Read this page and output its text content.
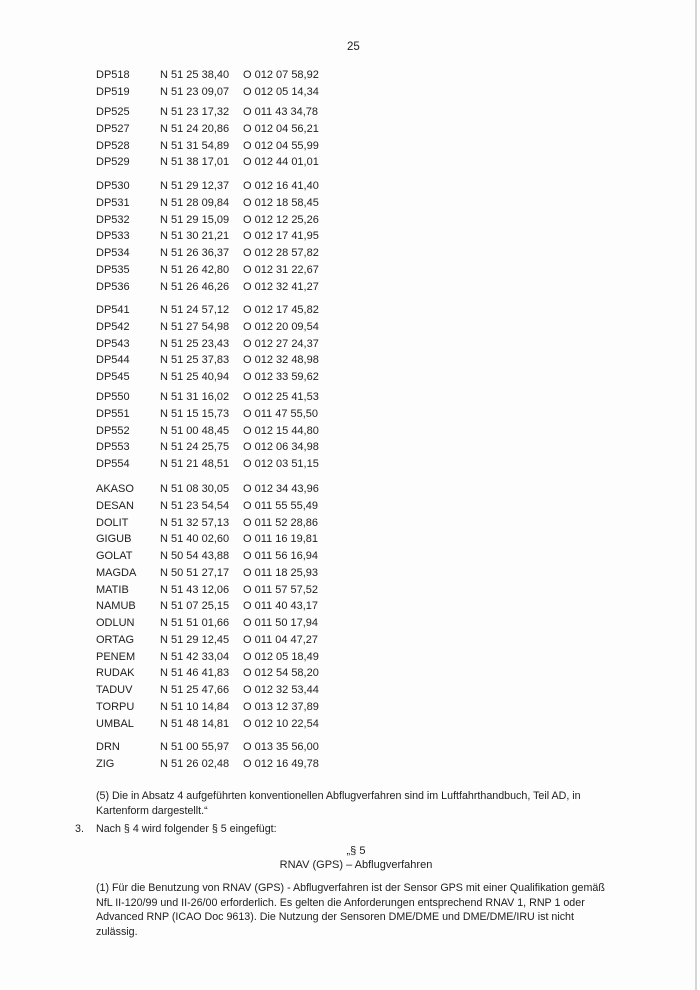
25
DP518	N 51 25 38,40 O 012 07 58,92
DP519	N 51 23 09,07 O 012 05 14,34
DP525	N 51 23 17,32 O 011 43 34,78
DP527	N 51 24 20,86 O 012 04 56,21
DP528	N 51 31 54,89 O 012 04 55,99
DP529	N 51 38 17,01 O 012 44 01,01
DP530	N 51 29 12,37 O 012 16 41,40
DP531	N 51 28 09,84 O 012 18 58,45
DP532	N 51 29 15,09 O 012 12 25,26
DP533	N 51 30 21,21 O 012 17 41,95
DP534	N 51 26 36,37 O 012 28 57,82
DP535	N 51 26 42,80 O 012 31 22,67
DP536	N 51 26 46,26 O 012 32 41,27
DP541	N 51 24 57,12 O 012 17 45,82
DP542	N 51 27 54,98 O 012 20 09,54
DP543	N 51 25 23,43 O 012 27 24,37
DP544	N 51 25 37,83 O 012 32 48,98
DP545	N 51 25 40,94 O 012 33 59,62
DP550	N 51 31 16,02 O 012 25 41,53
DP551	N 51 15 15,73 O 011 47 55,50
DP552	N 51 00 48,45 O 012 15 44,80
DP553	N 51 24 25,75 O 012 06 34,98
DP554	N 51 21 48,51 O 012 03 51,15
AKASO N 51 08 30,05 O 012 34 43,96
DESAN N 51 23 54,54 O 011 55 55,49
DOLIT	N 51 32 57,13 O 011 52 28,86
GIGUB	N 51 40 02,60 O 011 16 19,81
GOLAT	N 50 54 43,88 O 011 56 16,94
MAGDA N 50 51 27,17 O 011 18 25,93
MATIB	N 51 43 12,06 O 011 57 57,52
NAMUB N 51 07 25,15 O 011 40 43,17
ODLUN N 51 51 01,66 O 011 50 17,94
ORTAG N 51 29 12,45 O 011 04 47,27
PENEM N 51 42 33,04 O 012 05 18,49
RUDAK N 51 46 41,83 O 012 54 58,20
TADUV	N 51 25 47,66 O 012 32 53,44
TORPU N 51 10 14,84 O 013 12 37,89
UMBAL N 51 48 14,81 O 012 10 22,54
DRN	N 51 00 55,97 O 013 35 56,00
ZIG	N 51 26 02,48 O 012 16 49,78
(5) Die in Absatz 4 aufgeführten konventionellen Abflugverfahren sind im Luftfahrthandbuch, Teil AD, in Kartenform dargestellt.“
3. Nach § 4 wird folgender § 5 eingefügt:
„§ 5
RNAV (GPS) – Abflugverfahren
(1) Für die Benutzung von RNAV (GPS) - Abflugverfahren ist der Sensor GPS mit einer Qualifikation gemäß NfL II-120/99 und II-26/00 erforderlich. Es gelten die Anforderungen entsprechend RNAV 1, RNP 1 oder Advanced RNP (ICAO Doc 9613). Die Nutzung der Sensoren DME/DME und DME/DME/IRU ist nicht zulässig.
